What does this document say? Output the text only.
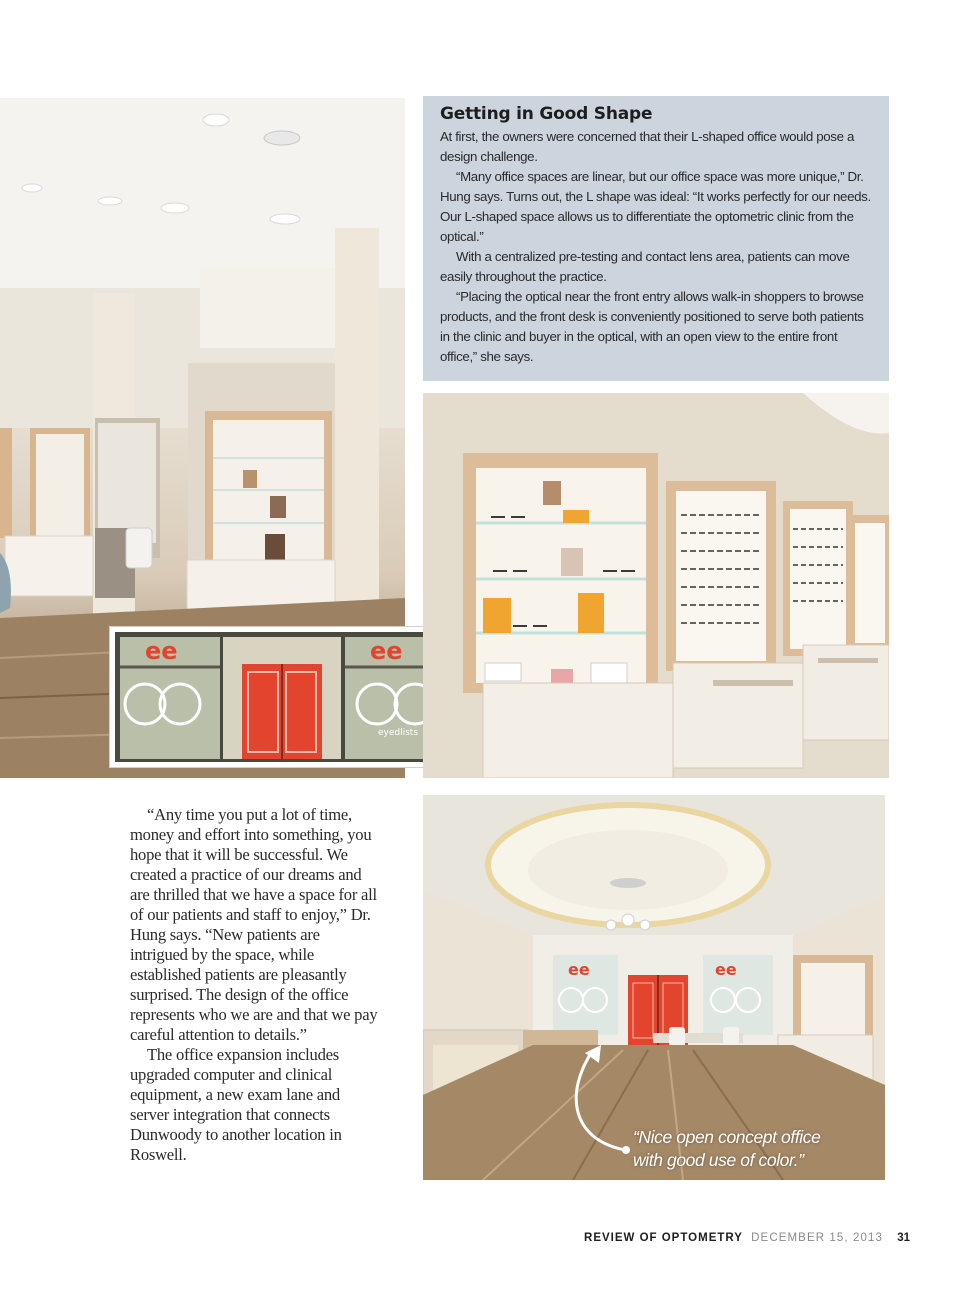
ee	ee
eyedlists
Getting in Good Shape

At first, the owners were concerned that their L-shaped office would pose a design challenge.

“Many office spaces are linear, but our office space was more unique,” Dr. Hung says. Turns out, the L shape was ideal: “It works perfectly for our needs. Our L-shaped space allows us to differentiate the optometric clinic from the optical.”

With a centralized pre-testing and contact lens area, patients can move easily throughout the practice.

“Placing the optical near the front entry allows walk-in shoppers to browse products, and the front desk is conveniently positioned to serve both patients in the clinic and buyer in the optical, with an open view to the entire front office,” she says.

“Any time you put a lot of time, money and effort into something, you hope that it will be successful. We created a practice of our dreams and are thrilled that we have a space for all of our patients and staff to enjoy,” Dr. Hung says. “New patients are intrigued by the space, while established patients are pleasantly surprised. The design of the office represents who we are and that we pay careful attention to details.”

The office expansion includes upgraded computer and clinical equipment, a new exam lane and server integration that connects Dunwoody to another location in Roswell.

ee	ee
“Nice open concept office with good use of color.”
REVIEW OF OPTOMETRY DECEMBER 15, 2013 31
